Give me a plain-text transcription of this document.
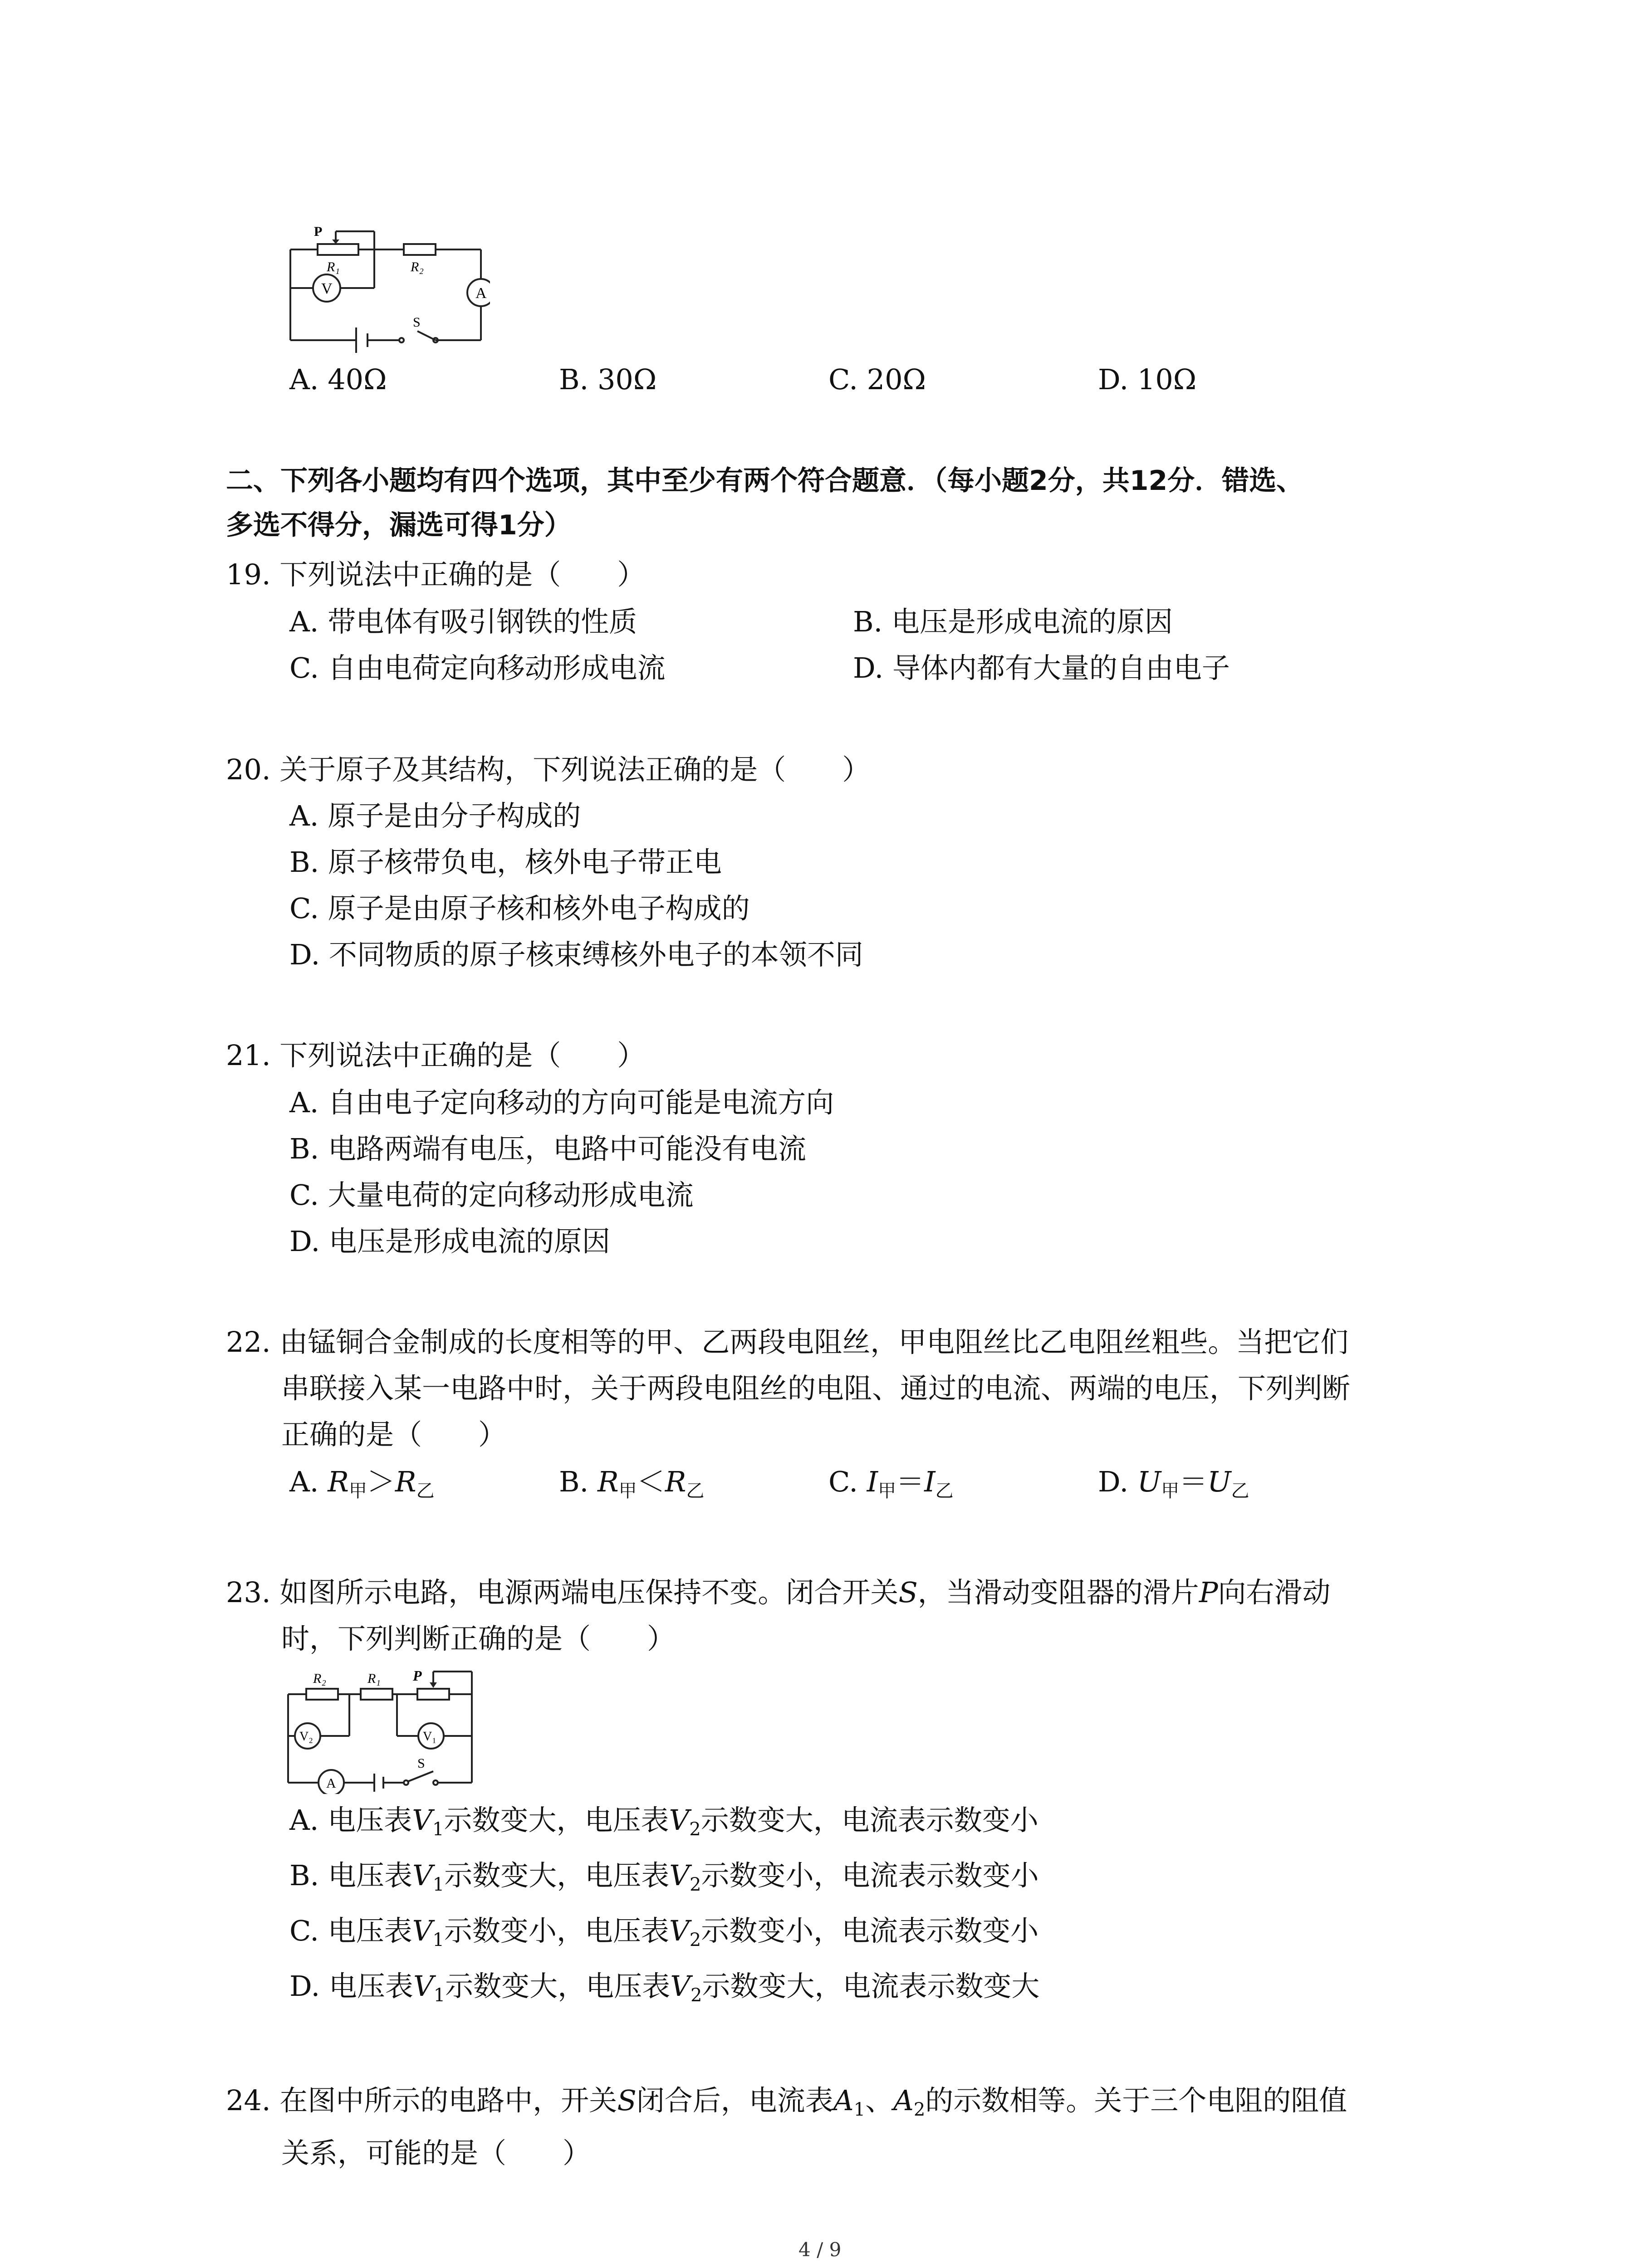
P
R₁	R₂
V	A
S
A. 40Ω	B. 30Ω	C. 20Ω	D. 10Ω
二、下列各小题均有四个选项，其中至少有两个符合题意．（每小题2分，共12分．错选、
多选不得分，漏选可得1分）
19. 下列说法中正确的是（　　）
A. 带电体有吸引钢铁的性质	B. 电压是形成电流的原因
C. 自由电荷定向移动形成电流	D. 导体内都有大量的自由电子
20. 关于原子及其结构，下列说法正确的是（　　）
A. 原子是由分子构成的
B. 原子核带负电，核外电子带正电
C. 原子是由原子核和核外电子构成的
D. 不同物质的原子核束缚核外电子的本领不同
21. 下列说法中正确的是（　　）
A. 自由电子定向移动的方向可能是电流方向
B. 电路两端有电压，电路中可能没有电流
C. 大量电荷的定向移动形成电流
D. 电压是形成电流的原因
22. 由锰铜合金制成的长度相等的甲、乙两段电阻丝，甲电阻丝比乙电阻丝粗些。当把它们
串联接入某一电路中时，关于两段电阻丝的电阻、通过的电流、两端的电压，下列判断
正确的是（　　）
A. $R_甲>R_乙$	B. $R_甲<R_乙$	C. $I_甲=I_乙$	D. $U_甲=U_乙$
23. 如图所示电路，电源两端电压保持不变。闭合开关S，当滑动变阻器的滑片P向右滑动
时，下列判断正确的是（　　）
R₂	R₁ P
V₂	V₁
A
S
A. 电压表$V_1$示数变大，电压表$V_2$示数变大，电流表示数变小
B. 电压表$V_1$示数变大，电压表$V_2$示数变小，电流表示数变小
C. 电压表$V_1$示数变小，电压表$V_2$示数变小，电流表示数变小
D. 电压表$V_1$示数变大，电压表$V_2$示数变大，电流表示数变大
24. 在图中所示的电路中，开关S闭合后，电流表$A_1$、$A_2$的示数相等。关于三个电阻的阻值
关系，可能的是（　　）
4 / 9
